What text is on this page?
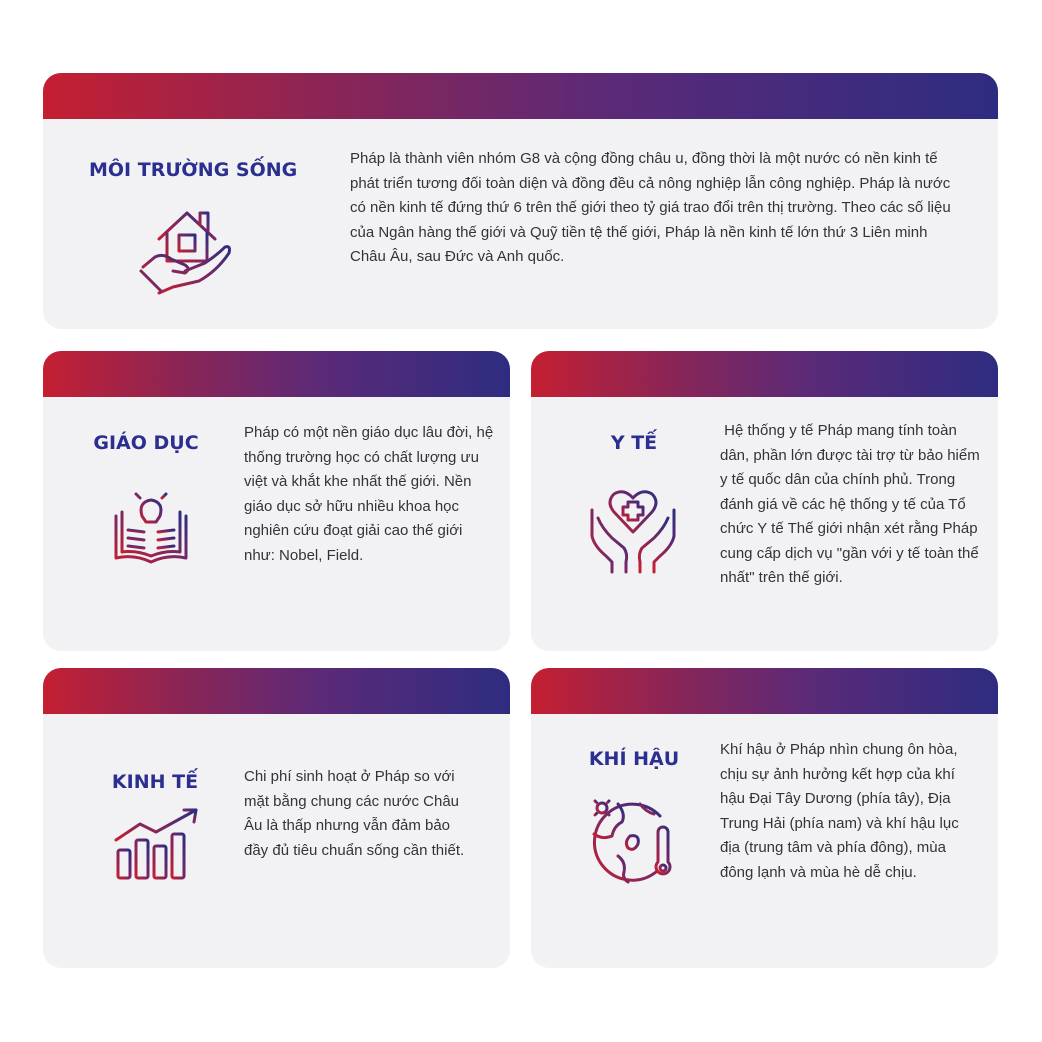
MÔI TRƯỜNG SỐNG
Pháp là thành viên nhóm G8 và cộng đồng châu u, đồng thời là một nước có nền kinh tế phát triển tương đối toàn diện và đồng đều cả nông nghiệp lẫn công nghiệp. Pháp là nước có nền kinh tế đứng thứ 6 trên thế giới theo tỷ giá trao đổi trên thị trường. Theo các số liệu của Ngân hàng thế giới và Quỹ tiền tệ thế giới, Pháp là nền kinh tế lớn thứ 3 Liên minh Châu Âu, sau Đức và Anh quốc.
GIÁO DỤC	Pháp có một nền giáo dục lâu đời, hệ thống trường học có chất lượng ưu việt và khắt khe nhất thế giới. Nền giáo dục sở hữu nhiều khoa học nghiên cứu đoạt giải cao thế giới như: Nobel, Field.
Y TẾ
Hệ thống y tế Pháp mang tính toàn dân, phần lớn được tài trợ từ bảo hiểm y tế quốc dân của chính phủ. Trong đánh giá về các hệ thống y tế của Tổ chức Y tế Thế giới nhận xét rằng Pháp cung cấp dịch vụ "gần với y tế toàn thể nhất" trên thế giới.
KINH TẾ	Chi phí sinh hoạt ở Pháp so với mặt bằng chung các nước Châu Âu là thấp nhưng vẫn đảm bảo đầy đủ tiêu chuẩn sống cần thiết.
KHÍ HẬU	Khí hậu ở Pháp nhìn chung ôn hòa, chịu sự ảnh hưởng kết hợp của khí hậu Đại Tây Dương (phía tây), Địa Trung Hải (phía nam) và khí hậu lục địa (trung tâm và phía đông), mùa đông lạnh và mùa hè dễ chịu.
